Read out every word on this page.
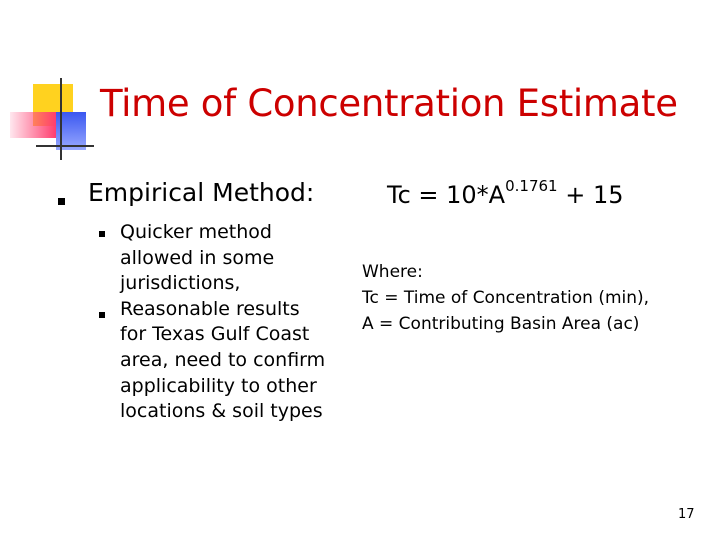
Time of Concentration Estimate
Empirical Method:

Quicker method allowed in some jurisdictions,

Reasonable results for Texas Gulf Coast area, need to confirm applicability to other locations & soil types

$Tc = 10*A^{0.1761} + 15$
Where:
Tc = Time of Concentration (min),
A = Contributing Basin Area (ac)
17
